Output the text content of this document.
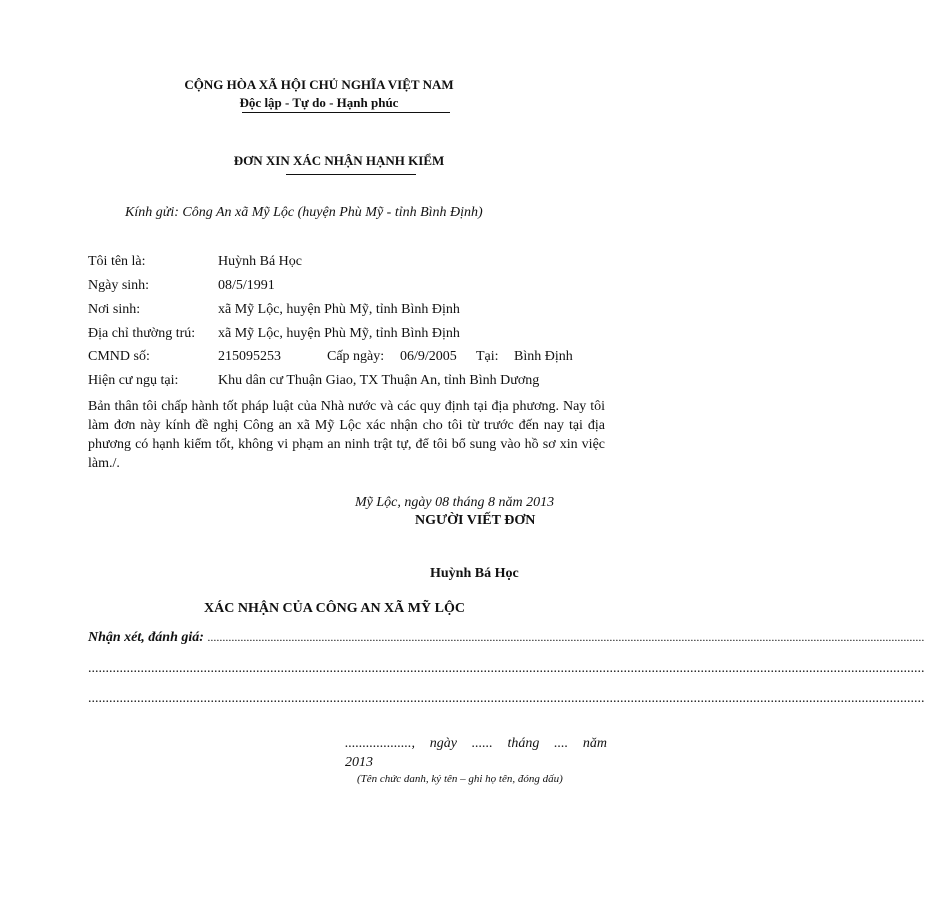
CỘNG HÒA XÃ HỘI CHỦ NGHĨA VIỆT NAM
Độc lập - Tự do - Hạnh phúc
ĐƠN XIN XÁC NHẬN HẠNH KIỂM
Kính gửi: Công An xã Mỹ Lộc (huyện Phù Mỹ - tỉnh Bình Định)
Tôi tên là:	Huỳnh Bá Học
Ngày sinh:	08/5/1991
Nơi sinh:	xã Mỹ Lộc, huyện Phù Mỹ, tỉnh Bình Định
Địa chỉ thường trú: xã Mỹ Lộc, huyện Phù Mỹ, tỉnh Bình Định
CMND số:	215095253	Cấp ngày: 06/9/2005 Tại: Bình Định
Hiện cư ngụ tại:	Khu dân cư Thuận Giao, TX Thuận An, tỉnh Bình Dương
Bản thân tôi chấp hành tốt pháp luật của Nhà nước và các quy định tại địa phương. Nay tôi làm đơn này kính đề nghị Công an xã Mỹ Lộc xác nhận cho tôi từ trước đến nay tại địa phương có hạnh kiểm tốt, không vi phạm an ninh trật tự, để tôi bổ sung vào hồ sơ xin việc làm./.
Mỹ Lộc, ngày 08 tháng 8 năm 2013
NGƯỜI VIẾT ĐƠN
Huỳnh Bá Học
XÁC NHẬN CỦA CÔNG AN XÃ MỸ LỘC
Nhận xét, đánh giá: ...............................................................................................................................................................................................................................................
...............................................................................................................................................................................................................................................
...............................................................................................................................................................................................................................................
..................., ngày ...... tháng .... năm
2013
(Tên chức danh, ký tên – ghi họ tên, đóng dấu)
